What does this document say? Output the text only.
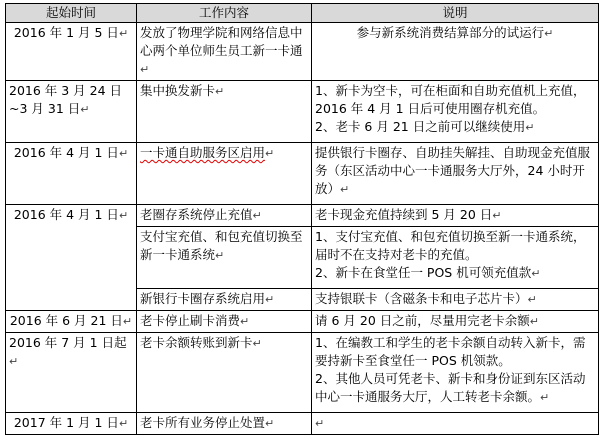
起始时间	工作内容	说明
2016 年 1 月 5 日↵	发放了物理学院和网络信息中心两个单位师生员工新一卡通↵	参与新系统消费结算部分的试运行↵
2016 年 3 月 24 日~3 月 31 日↵	集中换发新卡↵	1、新卡为空卡，可在柜面和自助充值机上充值，2016 年 4 月 1 日后可使用圈存机充值。
2、老卡 6 月 21 日之前可以继续使用↵

2016 年 4 月 1 日↵	一卡通自助服务区启用↵	提供银行卡圈存、自助挂失解挂、自助现金充值服务（东区活动中心一卡通服务大厅外，24 小时开放）↵
2016 年 4 月 1 日↵	老圈存系统停止充值↵	老卡现金充值持续到 5 月 20 日↵
	支付宝充值、和包充值切换至新一卡通系统↵	1、支付宝充值、和包充值切换至新一卡通系统，届时不在支持对老卡的充值。
2、新卡在食堂任一 POS 机可领充值款↵

	新银行卡圈存系统启用↵	支持银联卡（含磁条卡和电子芯片卡）↵
2016 年 6 月 21 日↵	老卡停止刷卡消费↵	请 6 月 20 日之前，尽量用完老卡余额↵
2016 年 7 月 1 日起↵	老卡余额转账到新卡↵	1、在编教工和学生的老卡余额自动转入新卡，需要持新卡至食堂任一 POS 机领款。
2、其他人员可凭老卡、新卡和身份证到东区活动中心一卡通服务大厅，人工转老卡余额。↵

2017 年 1 月 1 日↵	老卡所有业务停止处置↵	↵
